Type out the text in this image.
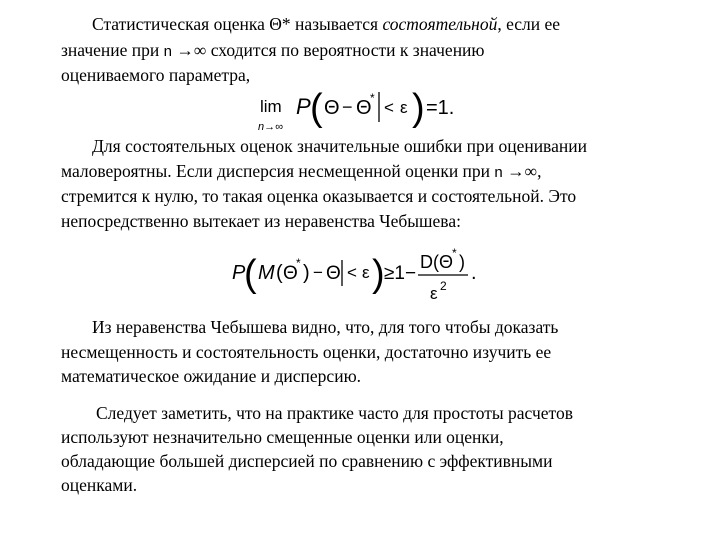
Статистическая оценка Θ* называется состоятельной, если ее
значение при n →∞ сходится по вероятности к значению
оцениваемого параметра,
lim
n→∞
P ( Θ − Θ
* < ε ) =1.
Для состоятельных оценок значительные ошибки при оценивании
маловероятны. Если дисперсия несмещенной оценки при n →∞,
стремится к нулю, то такая оценка оказывается и состоятельной. Это
непосредственно вытекает из неравенства Чебышева:
P
( M ( Θ
* ) − Θ < ε ) ≥1−
D(Θ * )
ε 2
.
Из неравенства Чебышева видно, что, для того чтобы доказать
несмещенность и состоятельность оценки, достаточно изучить ее
математическое ожидание и дисперсию.
Следует заметить, что на практике часто для простоты расчетов
используют незначительно смещенные оценки или оценки,
обладающие большей дисперсией по сравнению с эффективными
оценками.
